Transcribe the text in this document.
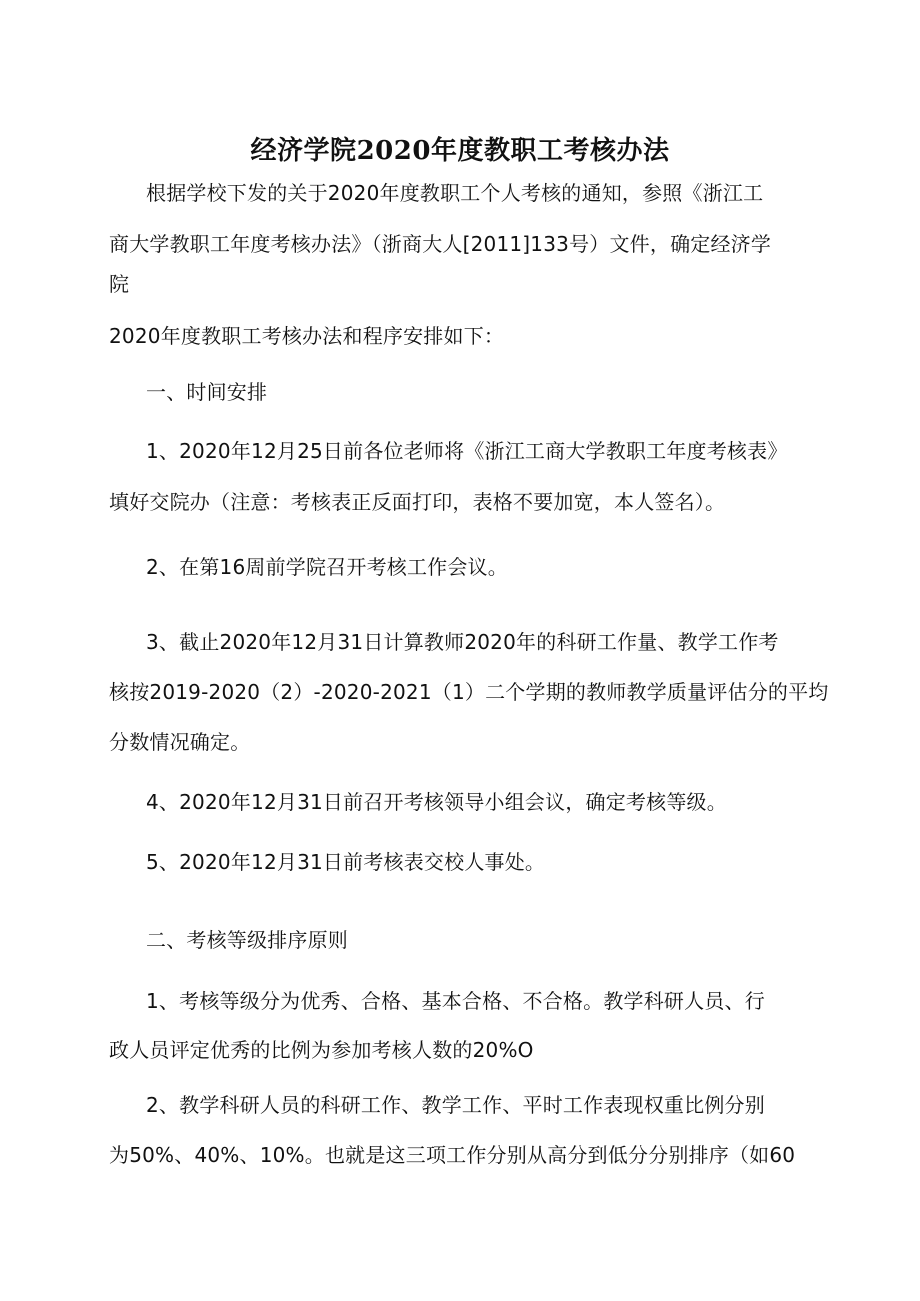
经济学院2020年度教职工考核办法
根据学校下发的关于2020年度教职工个人考核的通知，参照《浙江工
商大学教职工年度考核办法》（浙商大人[2011]133号）文件，确定经济学
院
2020年度教职工考核办法和程序安排如下：
一、时间安排
1、2020年12月25日前各位老师将《浙江工商大学教职工年度考核表》
填好交院办（注意：考核表正反面打印，表格不要加宽，本人签名）。
2、在第16周前学院召开考核工作会议。
3、截止2020年12月31日计算教师2020年的科研工作量、教学工作考
核按2019-2020（2）-2020-2021（1）二个学期的教师教学质量评估分的平均
分数情况确定。
4、2020年12月31日前召开考核领导小组会议，确定考核等级。
5、2020年12月31日前考核表交校人事处。
二、考核等级排序原则
1、考核等级分为优秀、合格、基本合格、不合格。教学科研人员、行
政人员评定优秀的比例为参加考核人数的20%O
2、教学科研人员的科研工作、教学工作、平时工作表现权重比例分别
为50%、40%、10%。也就是这三项工作分别从高分到低分分别排序（如60
